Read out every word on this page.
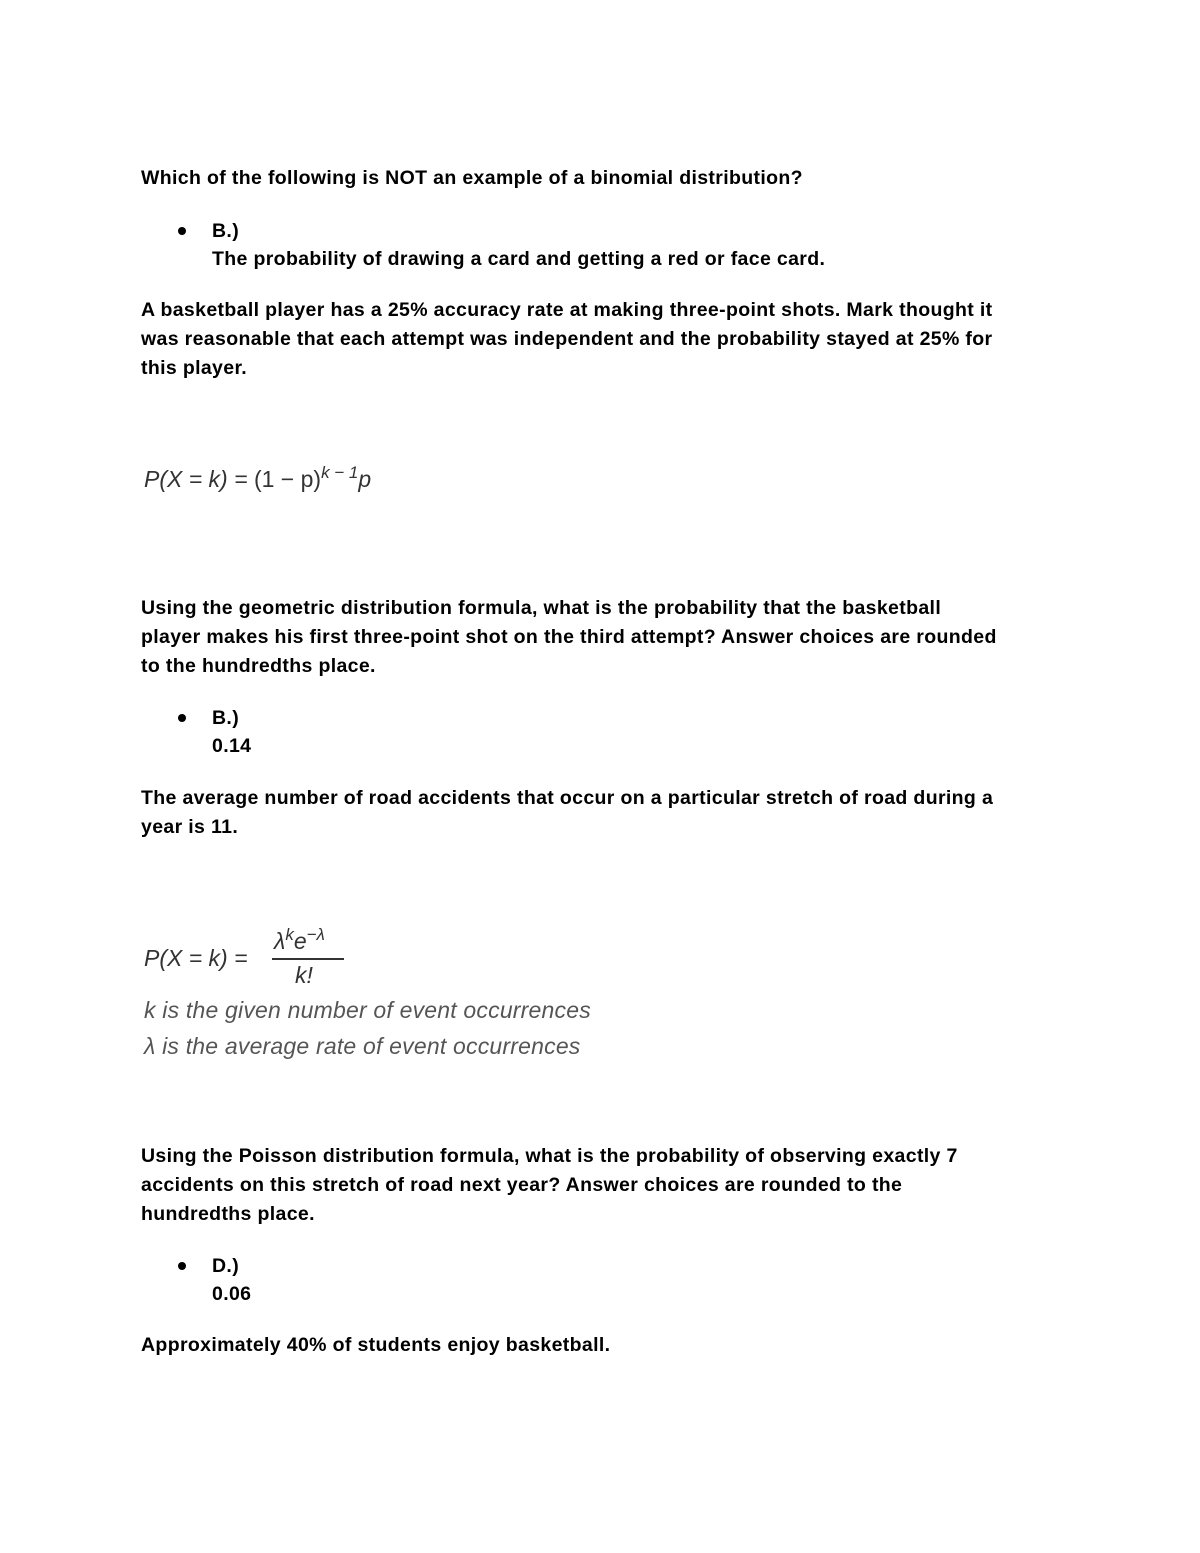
Which of the following is NOT an example of a binomial distribution?
B.)
The probability of drawing a card and getting a red or face card.
A basketball player has a 25% accuracy rate at making three-point shots. Mark thought it
was reasonable that each attempt was independent and the probability stayed at 25% for
this player.
$P(X = k) = (1 - p)^{k - 1}p$
Using the geometric distribution formula, what is the probability that the basketball
player makes his first three-point shot on the third attempt? Answer choices are rounded
to the hundredths place.
B.)
0.14
The average number of road accidents that occur on a particular stretch of road during a
year is 11.
P(X = k) =
$\lambda^ke^{-\lambda}$
k!
k is the given number of event occurrences
λ is the average rate of event occurrences
Using the Poisson distribution formula, what is the probability of observing exactly 7
accidents on this stretch of road next year? Answer choices are rounded to the
hundredths place.
D.)
0.06
Approximately 40% of students enjoy basketball.
